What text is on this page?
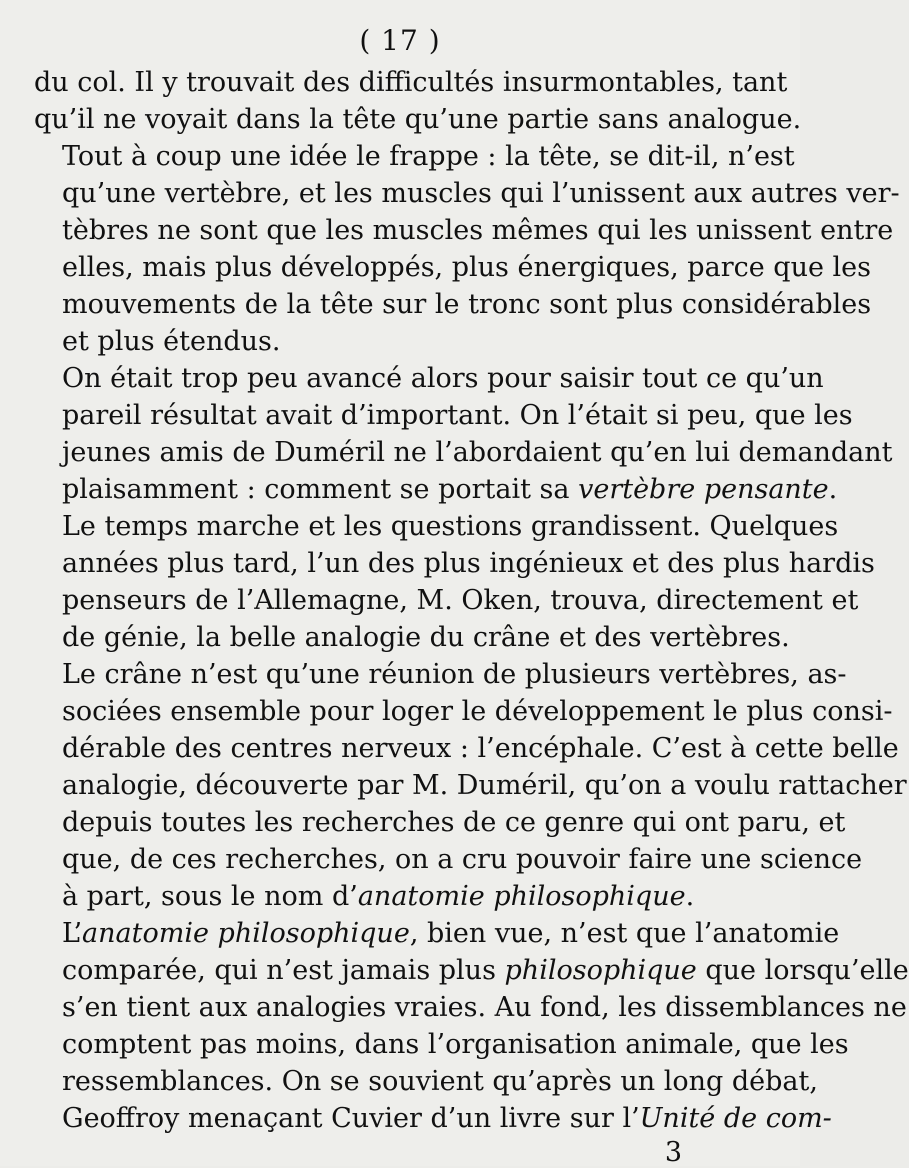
( 17 )

du col. Il y trouvait des difficultés insurmontables, tant
qu’il ne voyait dans la tête qu’une partie sans analogue.

Tout à coup une idée le frappe : la tête, se dit-il, n’est
qu’une vertèbre, et les muscles qui l’unissent aux autres ver-
tèbres ne sont que les muscles mêmes qui les unissent entre
elles, mais plus développés, plus énergiques, parce que les
mouvements de la tête sur le tronc sont plus considérables
et plus étendus.

On était trop peu avancé alors pour saisir tout ce qu’un
pareil résultat avait d’important. On l’était si peu, que les
jeunes amis de Duméril ne l’abordaient qu’en lui demandant
plaisamment : comment se portait sa vertèbre pensante.

Le temps marche et les questions grandissent. Quelques
années plus tard, l’un des plus ingénieux et des plus hardis
penseurs de l’Allemagne, M. Oken, trouva, directement et
de génie, la belle analogie du crâne et des vertèbres.

Le crâne n’est qu’une réunion de plusieurs vertèbres, as-
sociées ensemble pour loger le développement le plus consi-
dérable des centres nerveux : l’encéphale. C’est à cette belle
analogie, découverte par M. Duméril, qu’on a voulu rattacher
depuis toutes les recherches de ce genre qui ont paru, et
que, de ces recherches, on a cru pouvoir faire une science
à part, sous le nom d’anatomie philosophique.

L’anatomie philosophique, bien vue, n’est que l’anatomie
comparée, qui n’est jamais plus philosophique que lorsqu’elle
s’en tient aux analogies vraies. Au fond, les dissemblances ne
comptent pas moins, dans l’organisation animale, que les
ressemblances. On se souvient qu’après un long débat,
Geoffroy menaçant Cuvier d’un livre sur l’Unité de com-

3
